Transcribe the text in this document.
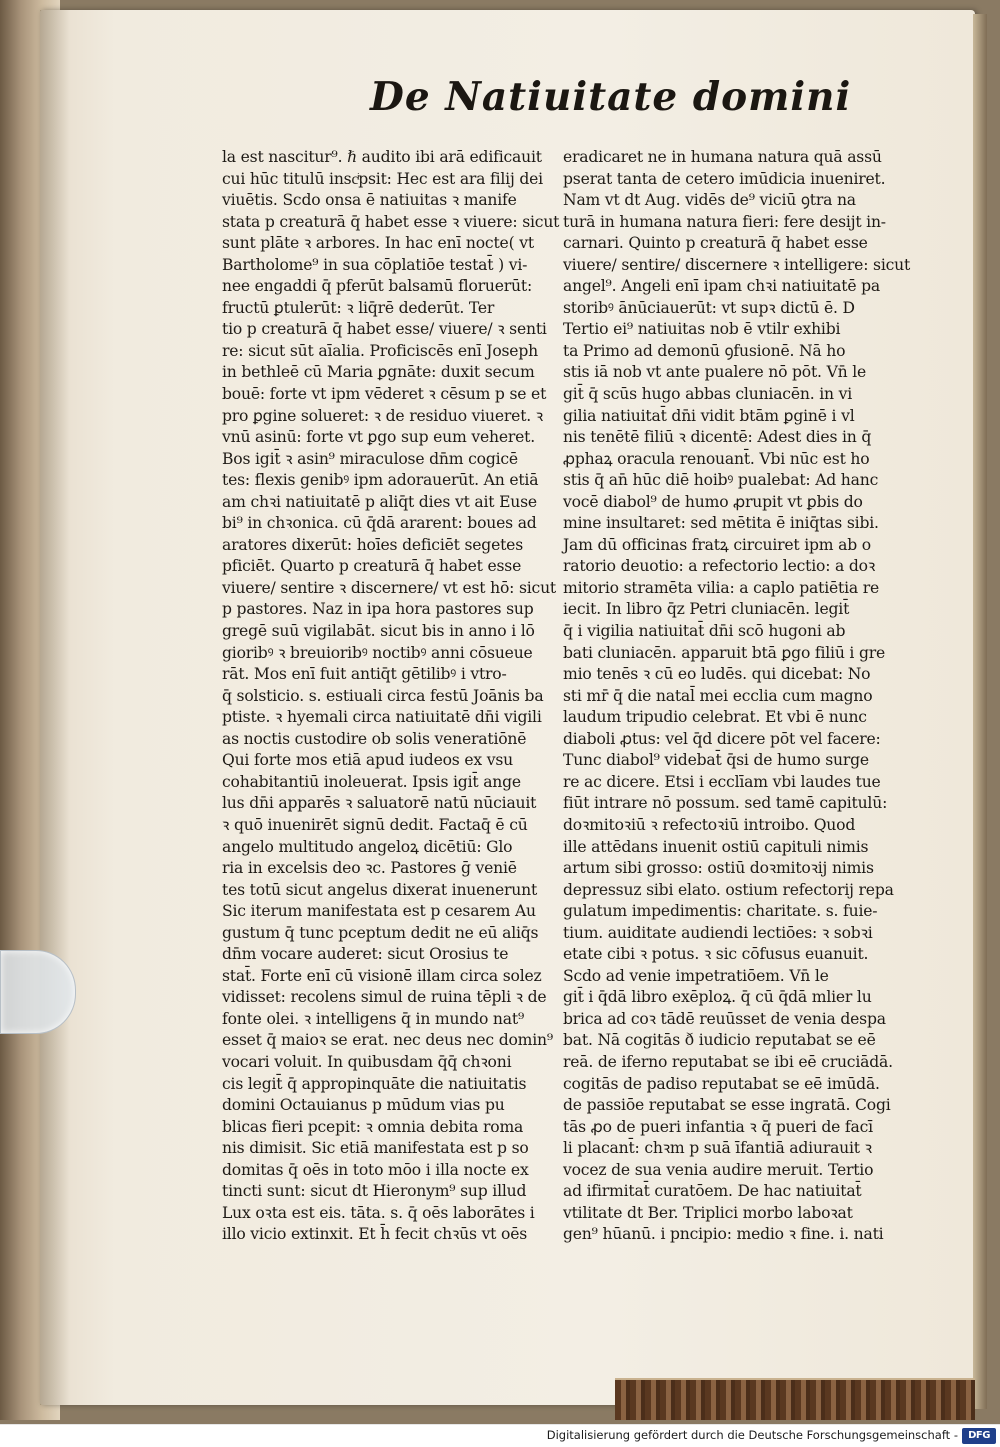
De Natiuitate domini
la est nascitur⁹. ℏ audito ibi arā edificauit
cui hūc titulū inscͥpsit: Hec est ara filij dei
viuētis. Scdo onsa ē natiuitas ꝛ manife
stata p creaturā q̄ habet esse ꝛ viuere: sicut
sunt plāte ꝛ arbores. In hac enī nocte( vt
Bartholome⁹ in sua cōplatiōe testat̄ ) vi-
nee engaddi q̄ pferūt balsamū floruerūt:
fructū ꝑtulerūt: ꝛ liq̄rē dederūt. Ter
tio p creaturā q̄ habet esse/ viuere/ ꝛ senti
re: sicut sūt aīalia. Proficiscēs enī Joseph
in bethleē cū Maria ꝑgnāte: duxit secum
bouē: forte vt ipm vēderet ꝛ cēsum p se et
pro ꝑgine solueret: ꝛ de residuo viueret. ꝛ
vnū asinū: forte vt ꝑgo sup eum veheret.
Bos igit̄ ꝛ asin⁹ miraculose dn̄m cogicē
tes: flexis genibꝰ ipm adorauerūt. An etiā
am chꝛi natiuitatē p aliq̄t dies vt ait Euse
bi⁹ in chꝛonica. cū q̄dā ararent: boues ad
aratores dixerūt: hoīes deficiēt segetes
pficiēt. Quarto p creaturā q̄ habet esse
viuere/ sentire ꝛ discernere/ vt est hō: sicut
p pastores. Naz in ipa hora pastores sup
gregē suū vigilabāt. sicut bis in anno i lō
gioribꝰ ꝛ breuioribꝰ noctibꝰ anni cōsueue
rāt. Mos enī fuit antiq̄t gētilibꝰ i vtro-
q̄ solsticio. s. estiuali circa festū Joānis ba
ptiste. ꝛ hyemali circa natiuitatē dn̄i vigili
as noctis custodire ob solis veneratiōnē
Qui forte mos etiā apud iudeos ex vsu
cohabitantiū inoleuerat. Ipsis igit̄ ange
lus dn̄i apparēs ꝛ saluatorē natū nūciauit
ꝛ quō inuenirēt signū dedit. Factaq̄ ē cū
angelo multitudo angeloꝝ dicētiū: Glo
ria in excelsis deo ꝛc. Pastores ḡ veniē
tes totū sicut angelus dixerat inuenerunt
Sic iterum manifestata est p cesarem Au
gustum q̄ tunc pceptum dedit ne eū aliq̄s
dn̄m vocare auderet: sicut Orosius te
stat̄. Forte enī cū visionē illam circa solez
vidisset: recolens simul de ruina tēpli ꝛ de
fonte olei. ꝛ intelligens q̄ in mundo nat⁹
esset q̄ maioꝛ se erat. nec deus nec domin⁹
vocari voluit. In quibusdam q̄q̄ chꝛoni
cis legit̄ q̄ appropinquāte die natiuitatis
domini Octauianus p mūdum vias pu
blicas fieri pcepit: ꝛ omnia debita roma
nis dimisit. Sic etiā manifestata est p so
domitas q̄ oēs in toto mōo i illa nocte ex
tincti sunt: sicut dt Hieronym⁹ sup illud
Lux oꝛta est eis. tāta. s. q̄ oēs laborātes i
illo vicio extinxit. Et h̄ fecit chꝛūs vt oēs
eradicaret ne in humana natura quā assū
pserat tanta de cetero imūdicia inueniret.
Nam vt dt Aug. vidēs de⁹ viciū ꝯtra na
turā in humana natura fieri: fere desijt in-
carnari. Quinto p creaturā q̄ habet esse
viuere/ sentire/ discernere ꝛ intelligere: sicut
angel⁹. Angeli enī ipam chꝛi natiuitatē pa
storibꝰ ānūciauerūt: vt supꝛ dictū ē. D
Tertio ei⁹ natiuitas nob ē vtilr exhibi
ta Primo ad demonū ꝯfusionē. Nā ho
stis iā nob vt ante pualere nō pōt. Vn̄ le
git̄ q̄ scūs hugo abbas cluniacēn. in vi
gilia natiuitat̄ dn̄i vidit btām ꝑginē i vl
nis tenētē filiū ꝛ dicentē: Adest dies in q̄
ꝓphaꝝ oracula renouant̄. Vbi nūc est ho
stis q̄ an̄ hūc diē hoibꝰ pualebat: Ad hanc
vocē diabol⁹ de humo ꝓrupit vt ꝑbis do
mine insultaret: sed mētita ē iniq̄tas sibi.
Jam dū officinas fratꝝ circuiret ipm ab o
ratorio deuotio: a refectorio lectio: a doꝛ
mitorio stramēta vilia: a caplo patiētia re
iecit. In libro q̄z Petri cluniacēn. legit̄
q̄ i vigilia natiuitat̄ dn̄i scō hugoni ab
bati cluniacēn. apparuit btā ꝑgo filiū i gre
mio tenēs ꝛ cū eo ludēs. qui dicebat: No
sti mr̄ q̄ die natal̄ mei ecclia cum magno
laudum tripudio celebrat. Et vbi ē nunc
diaboli ꝓtus: vel q̄d dicere pōt vel facere:
Tunc diabol⁹ videbat̄ q̄si de humo surge
re ac dicere. Etsi i ecclīam vbi laudes tue
fiūt intrare nō possum. sed tamē capitulū:
doꝛmitoꝛiū ꝛ refectoꝛiū introibo. Quod
ille attēdans inuenit ostiū capituli nimis
artum sibi grosso: ostiū doꝛmitoꝛij nimis
depressuz sibi elato. ostium refectorij repa
gulatum impedimentis: charitate. s. fuie-
tium. auiditate audiendi lectiōes: ꝛ sobꝛi
etate cibi ꝛ potus. ꝛ sic cōfusus euanuit.
Scdo ad venie impetratiōem. Vn̄ le
git̄ i q̄dā libro exēploꝝ. q̄ cū q̄dā mlier lu
brica ad coꝛ tādē reuūsset de venia despa
bat. Nā cogitās ð iudicio reputabat se eē
reā. de iferno reputabat se ibi eē cruciādā.
cogitās de padiso reputabat se eē imūdā.
de passiōe reputabat se esse ingratā. Cogi
tās ꝓo de pueri infantia ꝛ q̄ pueri de facī
li placant̄: chꝛm p suā īfantiā adiurauit ꝛ
vocez de sua venia audire meruit. Tertio
ad ifirmitat̄ curatōem. De hac natiuitat̄
vtilitate dt Ber. Triplici morbo laboꝛat
gen⁹ hūanū. i pncipio: medio ꝛ fine. i. nati
Digitalisierung gefördert durch die Deutsche Forschungsgemeinschaft -	DFG
